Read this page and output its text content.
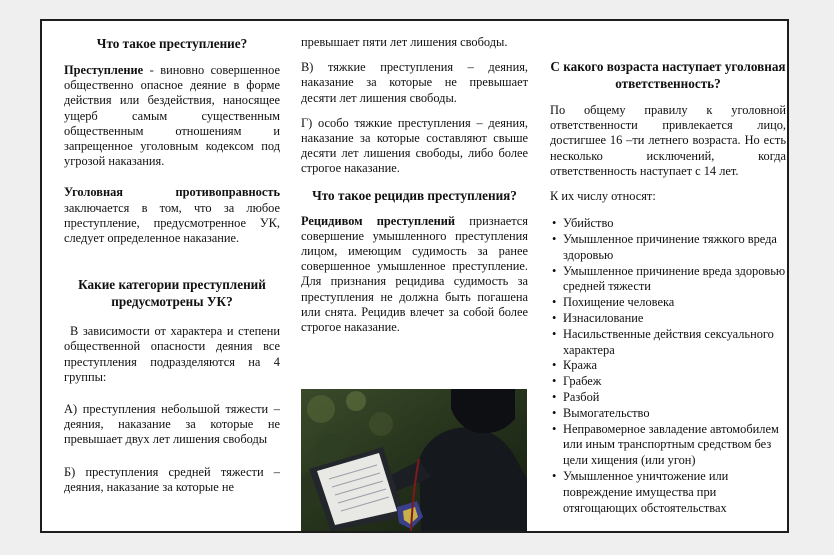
Что такое преступление?

Преступление - виновно совершенное общественно опасное деяние в форме действия или бездействия, наносящее ущерб самым существенным общественным отношениям и запрещенное уголовным кодексом под угрозой наказания.

Уголовная противоправность заключается в том, что за любое преступление, предусмотренное УК, следует определенное наказание.

Какие категории преступлений предусмотрены УК?

В зависимости от характера и степени общественной опасности деяния все преступления подразделяются на 4 группы:

А) преступления небольшой тяжести – деяния, наказание за которые не превышает двух лет лишения свободы

Б) преступления средней тяжести – деяния, наказание за которые не

превышает пяти лет лишения свободы.

В) тяжкие преступления – деяния, наказание за которые не превышает десяти лет лишения свободы.

Г) особо тяжкие преступления – деяния, наказание за которые составляют свыше десяти лет лишения свободы, либо более строгое наказание.

Что такое рецидив преступления?

Рецидивом преступлений признается совершение умышленного преступления лицом, имеющим судимость за ранее совершенное умышленное преступление. Для признания рецидива судимость за преступления не должна быть погашена или снята. Рецидив влечет за собой более строгое наказание.

С какого возраста наступает уголовная ответственность?

По общему правилу к уголовной ответственности привлекается лицо, достигшее 16 –ти летнего возраста. Но есть несколько исключений, когда ответственность наступает с 14 лет.

К их числу относят:

• Убийство
• Умышленное причинение тяжкого вреда здоровью
• Умышленное причинение вреда здоровью средней тяжести
• Похищение человека
• Изнасилование
• Насильственные действия сексуального характера
• Кража
• Грабеж
• Разбой
• Вымогательство
• Неправомерное завладение автомобилем или иным транспортным средством без цели хищения (или угон)
• Умышленное уничтожение или повреждение имущества при отягощающих обстоятельствах
